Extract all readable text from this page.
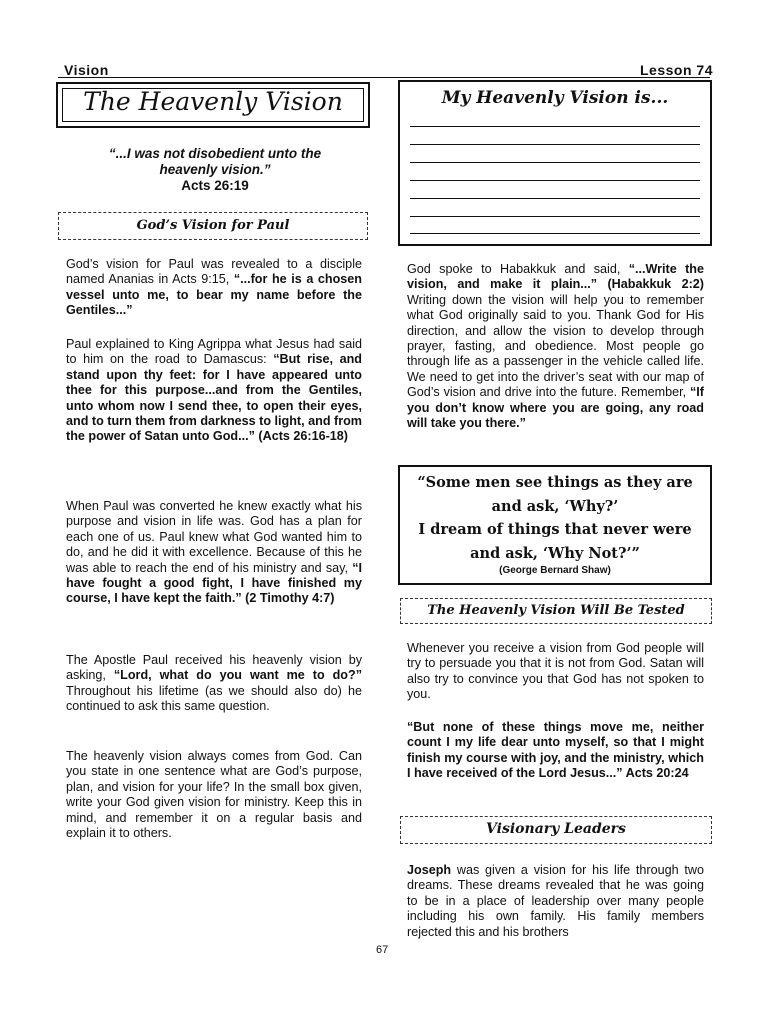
Vision	Lesson 74
The Heavenly Vision
“...I was not disobedient unto the
heavenly vision.”
Acts 26:19
God’s Vision for Paul
God’s vision for Paul was revealed to a disciple named Ananias in Acts 9:15, “...for he is a chosen vessel unto me, to bear my name before the Gentiles...”
Paul explained to King Agrippa what Jesus had said to him on the road to Damascus: “But rise, and stand upon thy feet: for I have appeared unto thee for this purpose...and from the Gentiles, unto whom now I send thee, to open their eyes, and to turn them from darkness to light, and from the power of Satan unto God...” (Acts 26:16-18)
When Paul was converted he knew exactly what his purpose and vision in life was. God has a plan for each one of us. Paul knew what God wanted him to do, and he did it with excellence. Because of this he was able to reach the end of his ministry and say, “I have fought a good fight, I have finished my course, I have kept the faith.” (2 Timothy 4:7)
The Apostle Paul received his heavenly vision by asking, “Lord, what do you want me to do?” Throughout his lifetime (as we should also do) he continued to ask this same question.
The heavenly vision always comes from God. Can you state in one sentence what are God’s purpose, plan, and vision for your life? In the small box given, write your God given vision for ministry. Keep this in mind, and remember it on a regular basis and explain it to others.
My Heavenly Vision is...
God spoke to Habakkuk and said, “...Write the vision, and make it plain...” (Habakkuk 2:2) Writing down the vision will help you to remember what God originally said to you. Thank God for His direction, and allow the vision to develop through prayer, fasting, and obedience. Most people go through life as a passenger in the vehicle called life. We need to get into the driver’s seat with our map of God’s vision and drive into the future. Remember, “If you don’t know where you are going, any road will take you there.”
“Some men see things as they are
and ask, ‘Why?’
I dream of things that never were
and ask, ‘Why Not?’”
(George Bernard Shaw)
The Heavenly Vision Will Be Tested
Whenever you receive a vision from God people will try to persuade you that it is not from God. Satan will also try to convince you that God has not spoken to you.
“But none of these things move me, neither count I my life dear unto myself, so that I might finish my course with joy, and the ministry, which I have received of the Lord Jesus...” Acts 20:24
Visionary Leaders
Joseph was given a vision for his life through two dreams. These dreams revealed that he was going to be in a place of leadership over many people including his own family. His family members rejected this and his brothers
67
